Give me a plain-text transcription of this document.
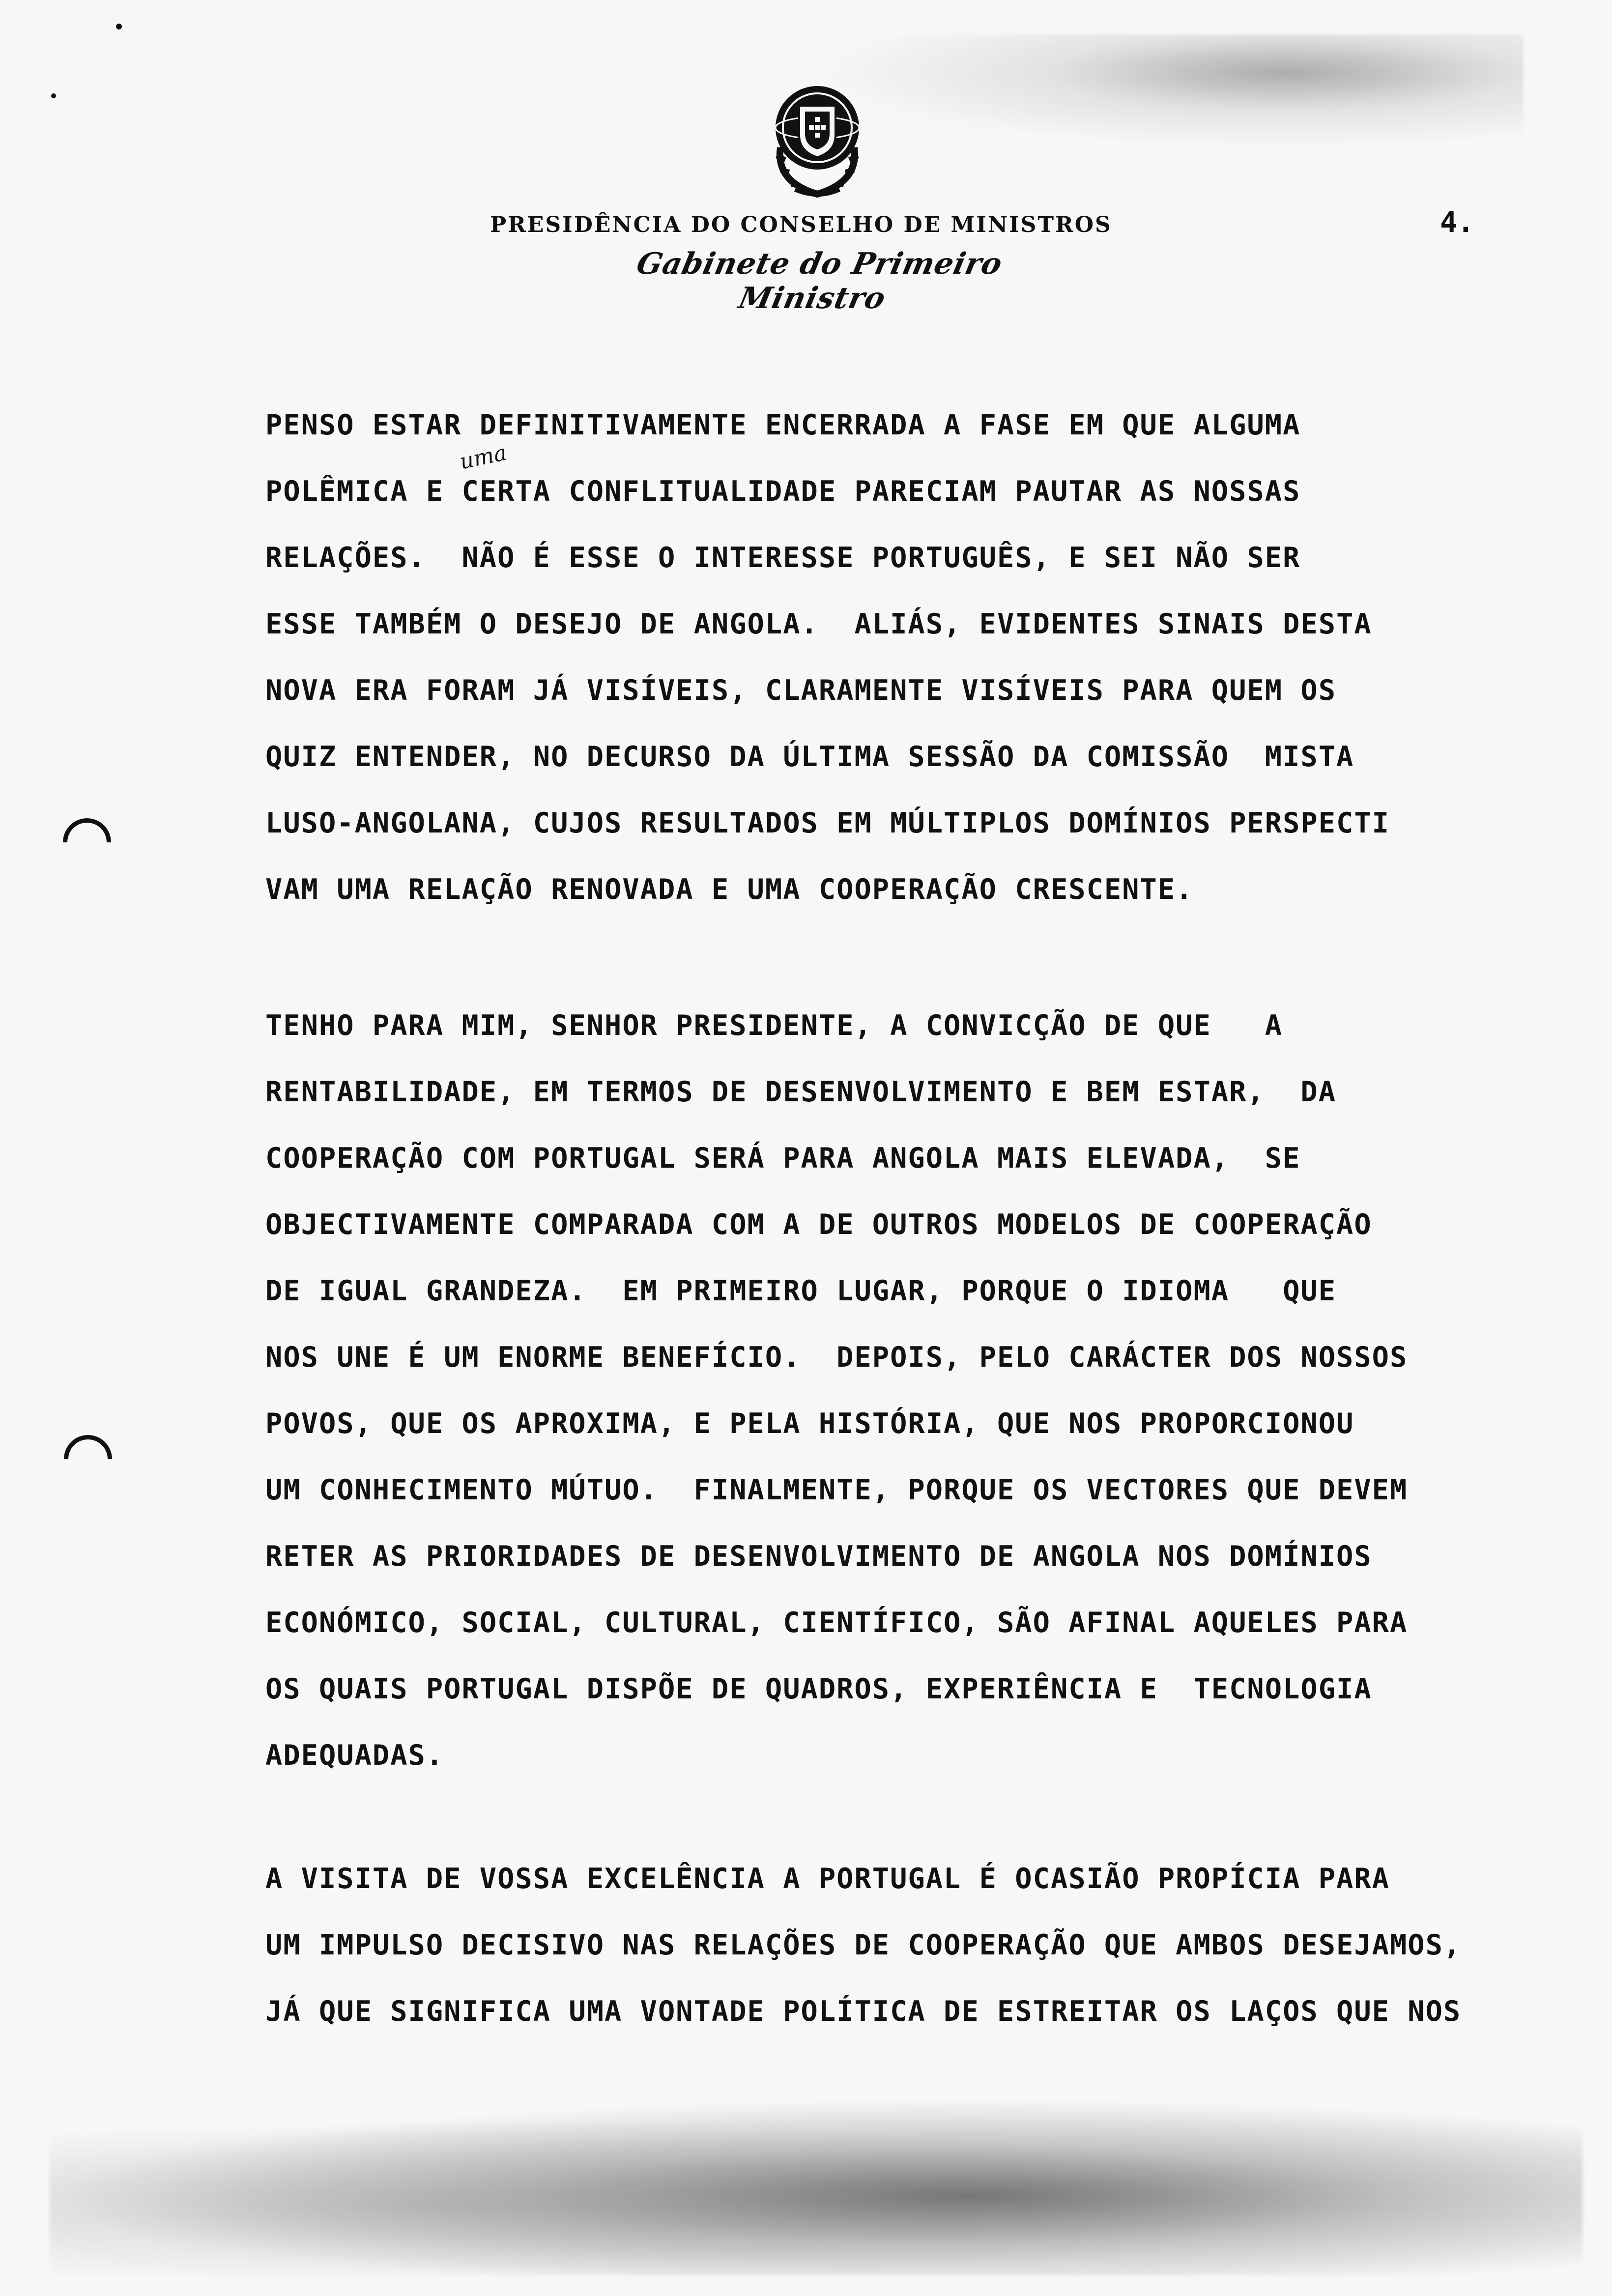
PRESIDÊNCIA DO CONSELHO DE MINISTROS
Gabinete do Primeiro Ministro
4.
uma
PENSO ESTAR DEFINITIVAMENTE ENCERRADA A FASE EM QUE ALGUMA
POLÊMICA E CERTA CONFLITUALIDADE PARECIAM PAUTAR AS NOSSAS
RELAÇÕES.  NÃO É ESSE O INTERESSE PORTUGUÊS, E SEI NÃO SER
ESSE TAMBÉM O DESEJO DE ANGOLA.  ALIÁS, EVIDENTES SINAIS DESTA
NOVA ERA FORAM JÁ VISÍVEIS, CLARAMENTE VISÍVEIS PARA QUEM OS
QUIZ ENTENDER, NO DECURSO DA ÚLTIMA SESSÃO DA COMISSÃO  MISTA
LUSO-ANGOLANA, CUJOS RESULTADOS EM MÚLTIPLOS DOMÍNIOS PERSPECTI
VAM UMA RELAÇÃO RENOVADA E UMA COOPERAÇÃO CRESCENTE.
TENHO PARA MIM, SENHOR PRESIDENTE, A CONVICÇÃO DE QUE   A
RENTABILIDADE, EM TERMOS DE DESENVOLVIMENTO E BEM ESTAR,  DA
COOPERAÇÃO COM PORTUGAL SERÁ PARA ANGOLA MAIS ELEVADA,  SE
OBJECTIVAMENTE COMPARADA COM A DE OUTROS MODELOS DE COOPERAÇÃO
DE IGUAL GRANDEZA.  EM PRIMEIRO LUGAR, PORQUE O IDIOMA   QUE
NOS UNE É UM ENORME BENEFÍCIO.  DEPOIS, PELO CARÁCTER DOS NOSSOS
POVOS, QUE OS APROXIMA, E PELA HISTÓRIA, QUE NOS PROPORCIONOU
UM CONHECIMENTO MÚTUO.  FINALMENTE, PORQUE OS VECTORES QUE DEVEM
RETER AS PRIORIDADES DE DESENVOLVIMENTO DE ANGOLA NOS DOMÍNIOS
ECONÓMICO, SOCIAL, CULTURAL, CIENTÍFICO, SÃO AFINAL AQUELES PARA
OS QUAIS PORTUGAL DISPÕE DE QUADROS, EXPERIÊNCIA E  TECNOLOGIA
ADEQUADAS.
A VISITA DE VOSSA EXCELÊNCIA A PORTUGAL É OCASIÃO PROPÍCIA PARA
UM IMPULSO DECISIVO NAS RELAÇÕES DE COOPERAÇÃO QUE AMBOS DESEJAMOS,
JÁ QUE SIGNIFICA UMA VONTADE POLÍTICA DE ESTREITAR OS LAÇOS QUE NOS
